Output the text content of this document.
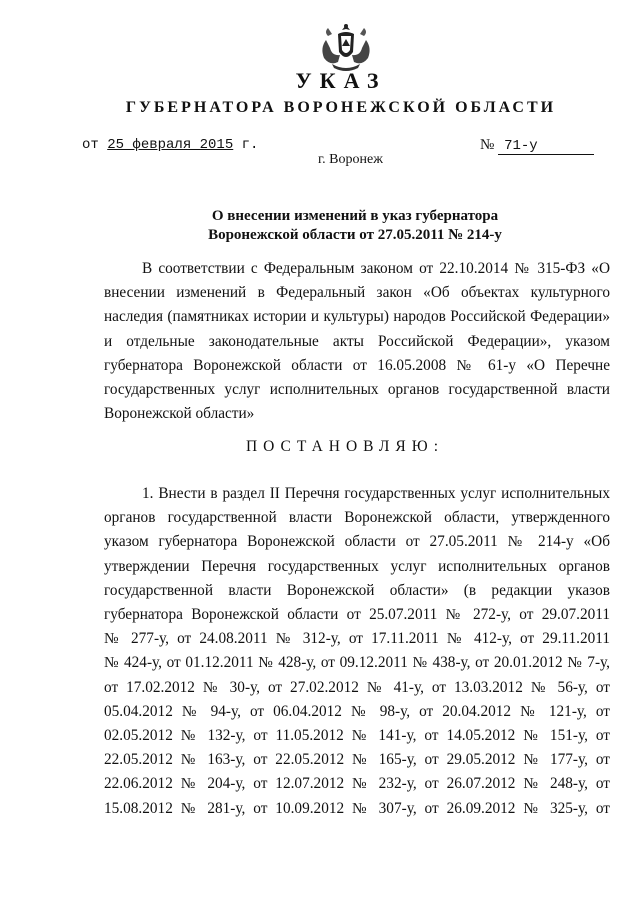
УКАЗ
ГУБЕРНАТОРА ВОРОНЕЖСКОЙ ОБЛАСТИ
от 25 февраля 2015 г.	№ 71-у
г. Воронеж
О внесении изменений в указ губернатора
Воронежской области от 27.05.2011 № 214-у
В соответствии с Федеральным законом от 22.10.2014 № 315-ФЗ «О
внесении изменений в Федеральный закон «Об объектах культурного
наследия (памятниках истории и культуры) народов Российской Федерации»
и отдельные законодательные акты Российской Федерации», указом
губернатора Воронежской области от 16.05.2008 № 61-у «О Перечне
государственных услуг исполнительных органов государственной власти
Воронежской области»
ПОСТАНОВЛЯЮ:
1. Внести в раздел II Перечня государственных услуг исполнительных
органов государственной власти Воронежской области, утвержденного
указом губернатора Воронежской области от 27.05.2011 № 214-у «Об
утверждении Перечня государственных услуг исполнительных органов
государственной власти Воронежской области» (в редакции указов
губернатора Воронежской области от 25.07.2011 № 272-у, от 29.07.2011
№ 277-у, от 24.08.2011 № 312-у, от 17.11.2011 № 412-у, от 29.11.2011
№ 424-у, от 01.12.2011 № 428-у, от 09.12.2011 № 438-у, от 20.01.2012 № 7-у,
от 17.02.2012 № 30-у, от 27.02.2012 № 41-у, от 13.03.2012 № 56-у, от
05.04.2012 № 94-у, от 06.04.2012 № 98-у, от 20.04.2012 № 121-у, от
02.05.2012 № 132-у, от 11.05.2012 № 141-у, от 14.05.2012 № 151-у, от
22.05.2012 № 163-у, от 22.05.2012 № 165-у, от 29.05.2012 № 177-у, от
22.06.2012 № 204-у, от 12.07.2012 № 232-у, от 26.07.2012 № 248-у, от
15.08.2012 № 281-у, от 10.09.2012 № 307-у, от 26.09.2012 № 325-у, от
